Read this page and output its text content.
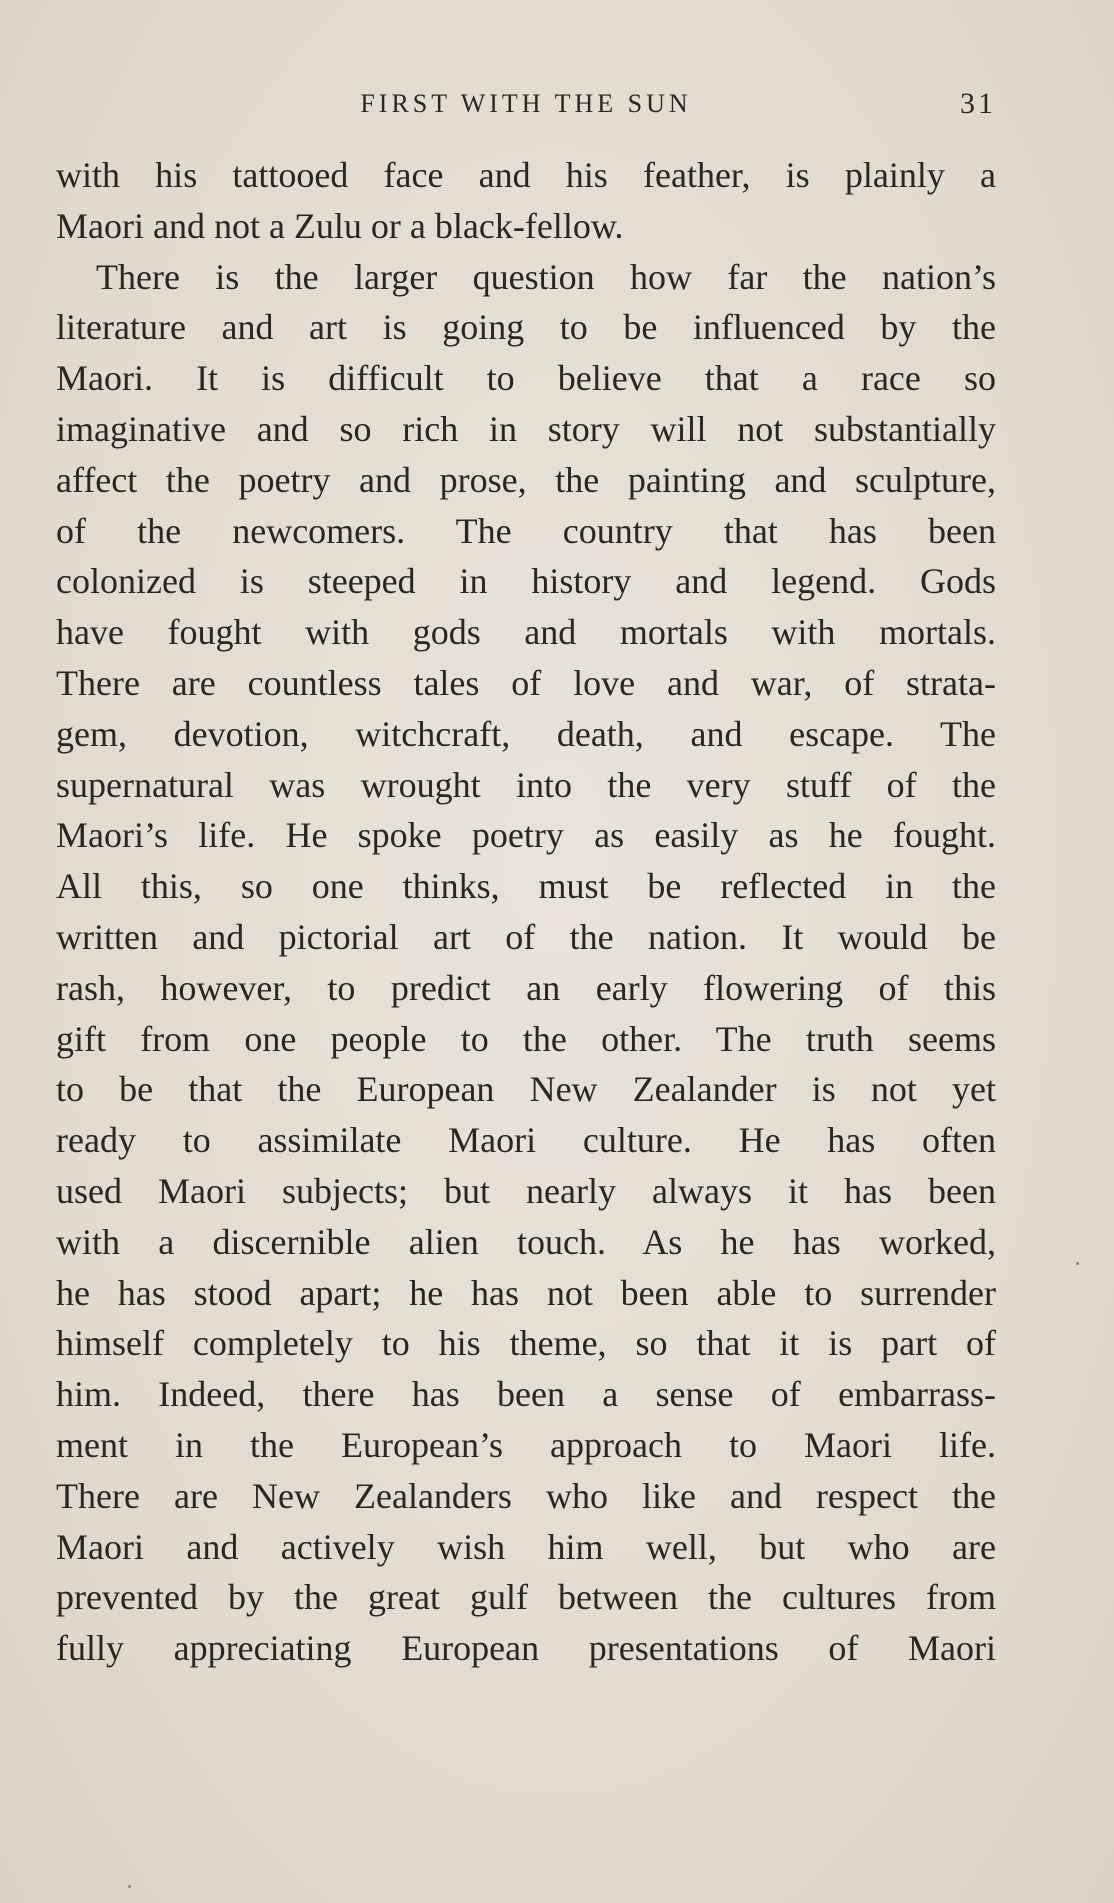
FIRST WITH THE SUN	31
with his tattooed face and his feather, is plainly a
Maori and not a Zulu or a black-fellow.
There is the larger question how far the nation’s
literature and art is going to be influenced by the
Maori. It is difficult to believe that a race so
imaginative and so rich in story will not substantially
affect the poetry and prose, the painting and sculpture,
of the newcomers. The country that has been
colonized is steeped in history and legend. Gods
have fought with gods and mortals with mortals.
There are countless tales of love and war, of strata-
gem, devotion, witchcraft, death, and escape. The
supernatural was wrought into the very stuff of the
Maori’s life. He spoke poetry as easily as he fought.
All this, so one thinks, must be reflected in the
written and pictorial art of the nation. It would be
rash, however, to predict an early flowering of this
gift from one people to the other. The truth seems
to be that the European New Zealander is not yet
ready to assimilate Maori culture. He has often
used Maori subjects; but nearly always it has been
with a discernible alien touch. As he has worked,
he has stood apart; he has not been able to surrender
himself completely to his theme, so that it is part of
him. Indeed, there has been a sense of embarrass-
ment in the European’s approach to Maori life.
There are New Zealanders who like and respect the
Maori and actively wish him well, but who are
prevented by the great gulf between the cultures from
fully appreciating European presentations of Maori
